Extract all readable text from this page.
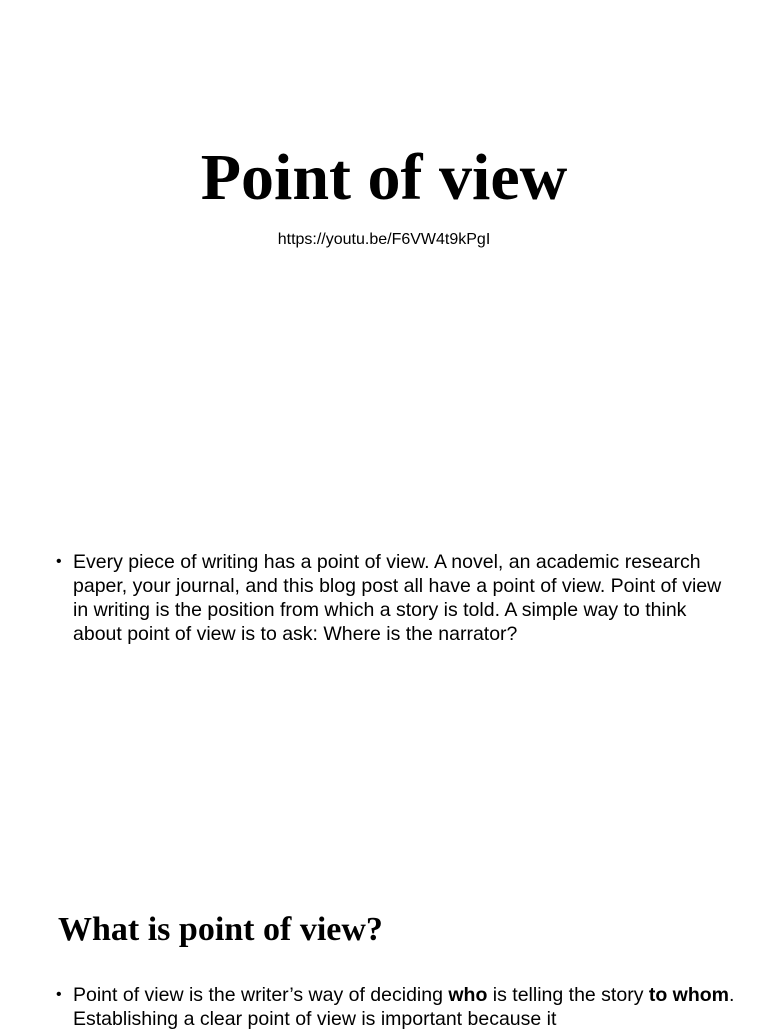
Point of view
https://youtu.be/F6VW4t9kPgI
• Every piece of writing has a point of view. A novel, an academic research paper, your journal, and this blog post all have a point of view. Point of view in writing is the position from which a story is told. A simple way to think about point of view is to ask: Where is the narrator?
What is point of view?
• Point of view is the writer’s way of deciding who is telling the story to whom. Establishing a clear point of view is important because it
